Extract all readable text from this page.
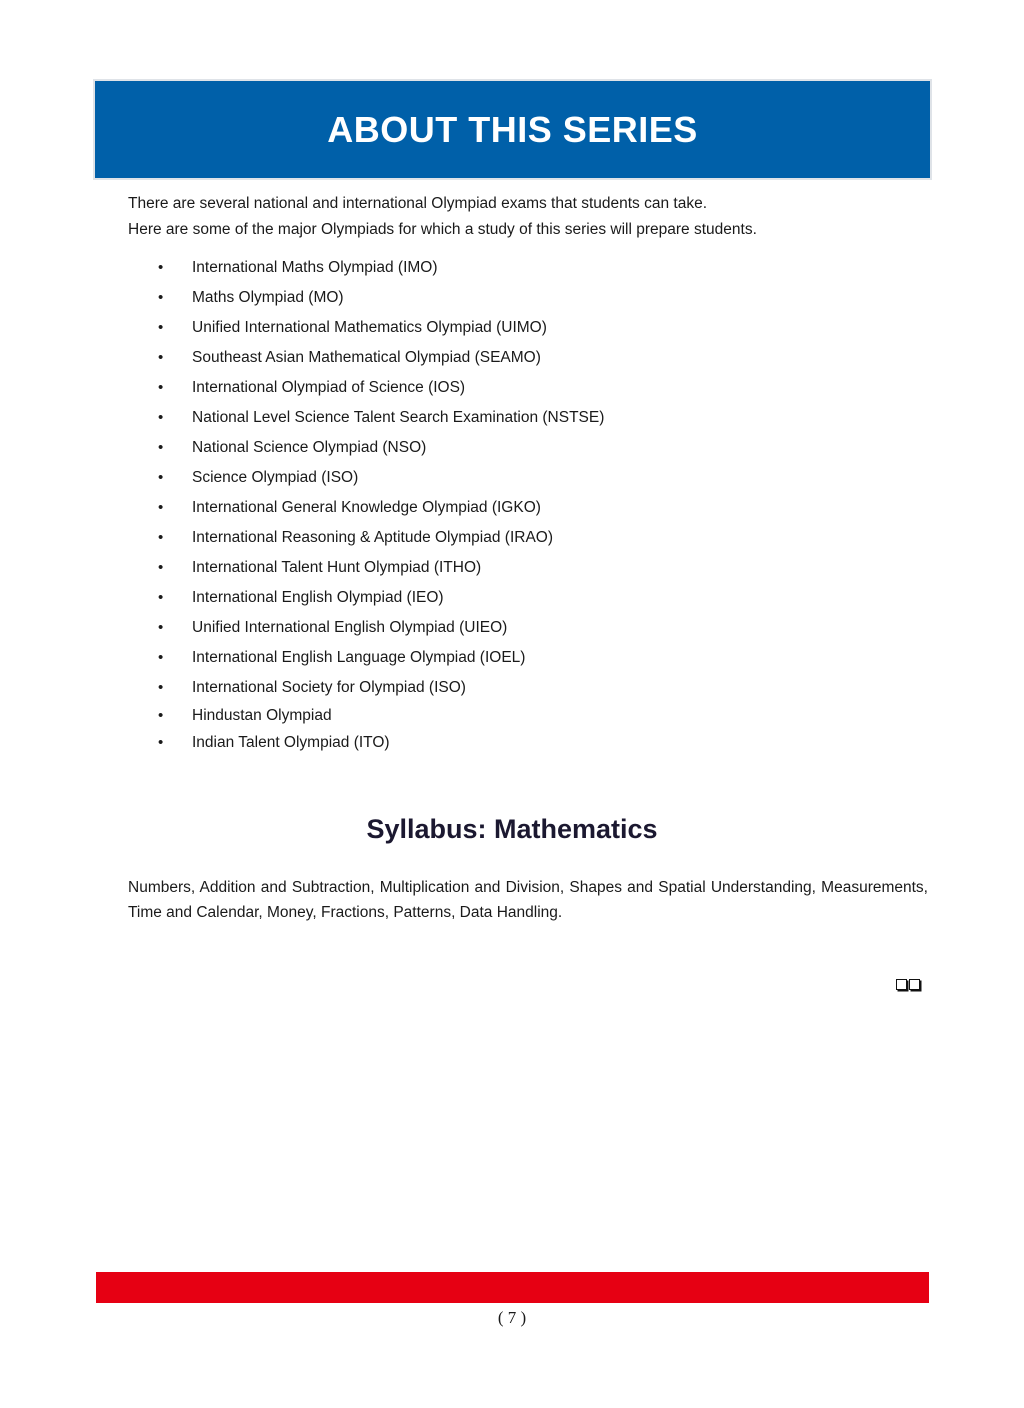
ABOUT THIS SERIES

There are several national and international Olympiad exams that students can take.

Here are some of the major Olympiads for which a study of this series will prepare students.

• International Maths Olympiad (IMO)
• Maths Olympiad (MO)
• Unified International Mathematics Olympiad (UIMO)
• Southeast Asian Mathematical Olympiad (SEAMO)
• International Olympiad of Science (IOS)
• National Level Science Talent Search Examination (NSTSE)
• National Science Olympiad (NSO)
• Science Olympiad (ISO)
• International General Knowledge Olympiad (IGKO)
• International Reasoning & Aptitude Olympiad (IRAO)
• International Talent Hunt Olympiad (ITHO)
• International English Olympiad (IEO)
• Unified International English Olympiad (UIEO)
• International English Language Olympiad (IOEL)
• International Society for Olympiad (ISO)
• Hindustan Olympiad
• Indian Talent Olympiad (ITO)
Syllabus: Mathematics

Numbers, Addition and Subtraction, Multiplication and Division, Shapes and Spatial Understanding, Measurements, Time and Calendar, Money, Fractions, Patterns, Data Handling.

( 7 )
